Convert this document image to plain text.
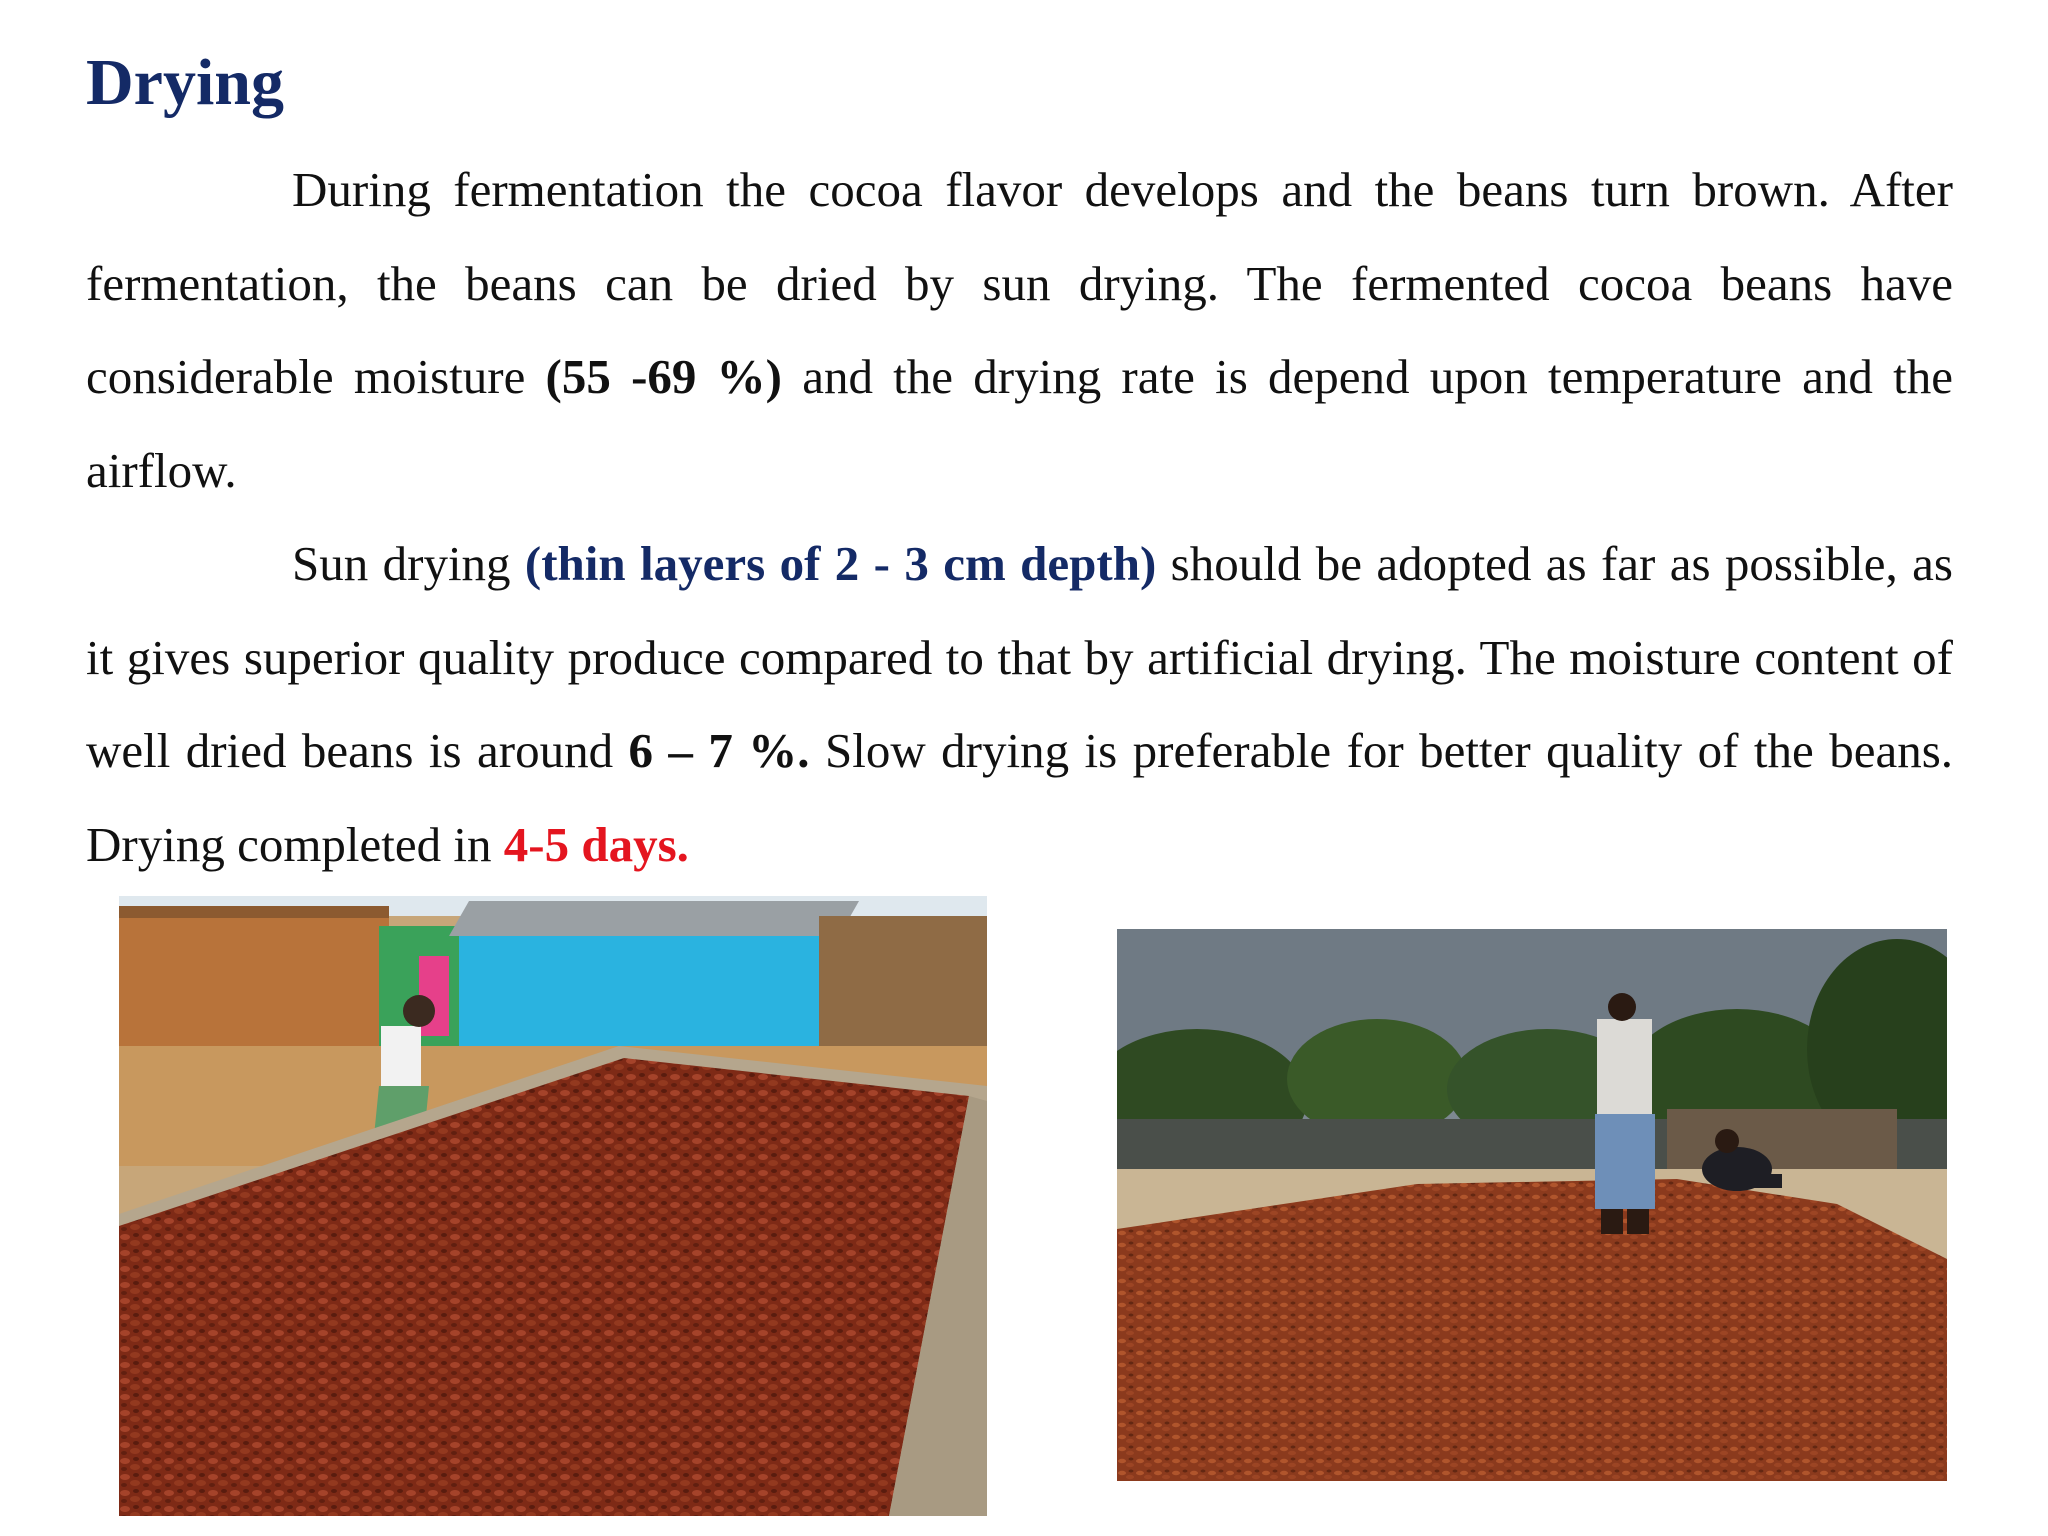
Drying

During fermentation the cocoa flavor develops and the beans turn brown. After fermentation, the beans can be dried by sun drying. The fermented cocoa beans have considerable moisture (55 -69 %) and the drying rate is depend upon temperature and the airflow.

Sun drying (thin layers of 2 - 3 cm depth) should be adopted as far as possible, as it gives superior quality produce compared to that by artificial drying. The moisture content of well dried beans is around 6 – 7 %. Slow drying is preferable for better quality of the beans. Drying completed in 4-5 days.
